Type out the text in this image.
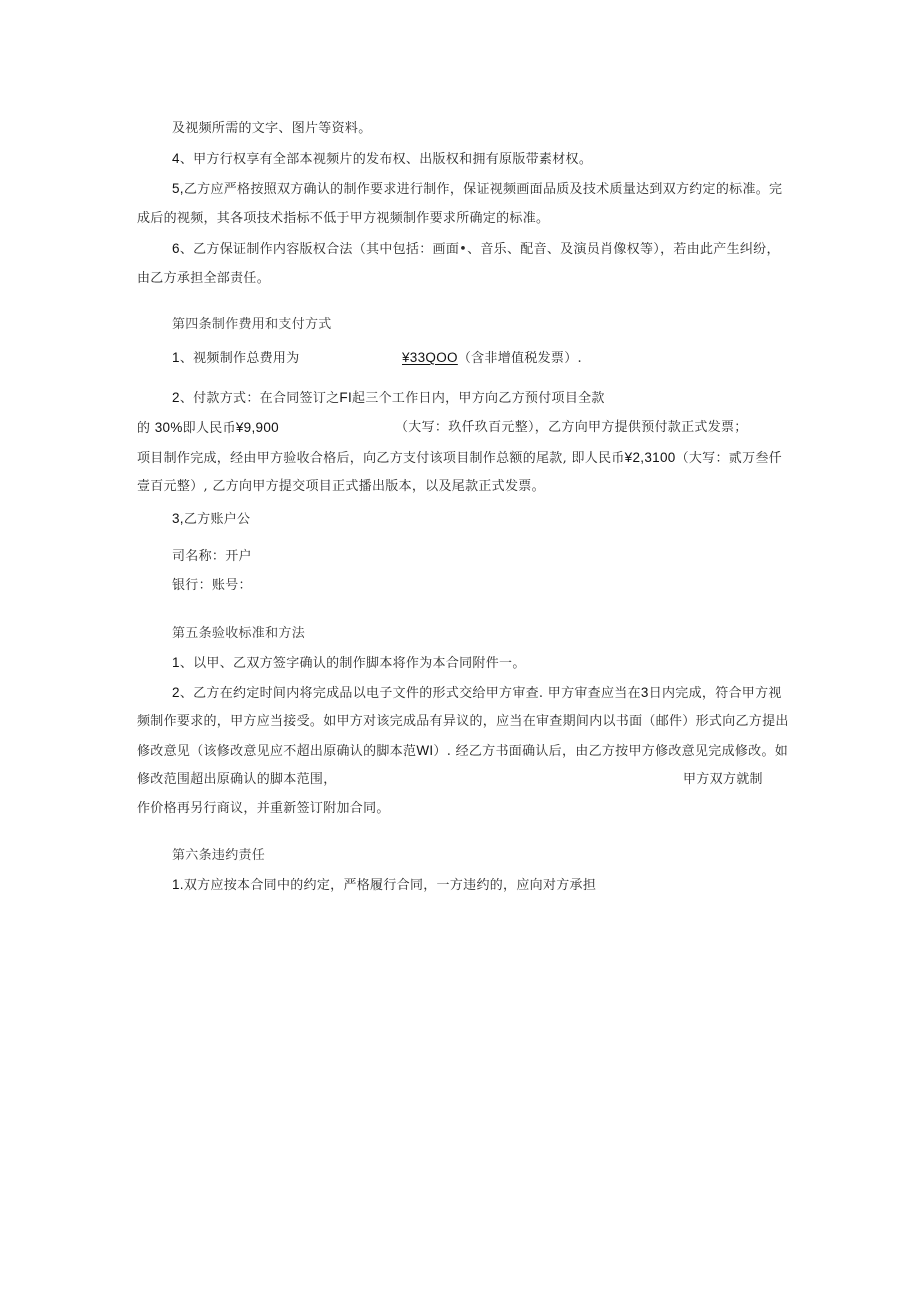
及视频所需的文字、图片等资料。
4、甲方行权享有全部本视频片的发布权、出版权和拥有原版带素材权。
5,乙方应严格按照双方确认的制作要求进行制作，保证视频画面品质及技术质量达到双方约定的标准。完
成后的视频，其各项技术指标不低于甲方视频制作要求所确定的标准。
6、乙方保证制作内容版权合法（其中包括：画面•、音乐、配音、及演员肖像权等），若由此产生纠纷，
由乙方承担全部责任。
第四条制作费用和支付方式
1、视频制作总费用为	¥33QOO（含非增值税发票）.
2、付款方式：在合同签订之FI起三个工作日内，甲方向乙方预付项目全款
的 30%即人民币¥9,900	（大写：玖仟玖百元整），乙方向甲方提供预付款正式发票；
项目制作完成，经由甲方验收合格后，向乙方支付该项目制作总额的尾款, 即人民币¥2,3100（大写：贰万叁仟
壹百元整）, 乙方向甲方提交项目正式播出版本，以及尾款正式发票。
3,乙方账户公
司名称：开户
银行：账号：
第五条验收标准和方法
1、以甲、乙双方签字确认的制作脚本将作为本合同附件一。
2、乙方在约定时间内将完成品以电子文件的形式交给甲方审查. 甲方审查应当在3日内完成，符合甲方视
频制作要求的，甲方应当接受。如甲方对该完成品有异议的，应当在审查期间内以书面（邮件）形式向乙方提出
修改意见（该修改意见应不超出原确认的脚本范WI）. 经乙方书面确认后，由乙方按甲方修改意见完成修改。如
修改范围超出原确认的脚本范围，	甲方双方就制
作价格再另行商议，并重新签订附加合同。
第六条违约责任
1.双方应按本合同中的约定，严格履行合同，一方违约的，应向对方承担
